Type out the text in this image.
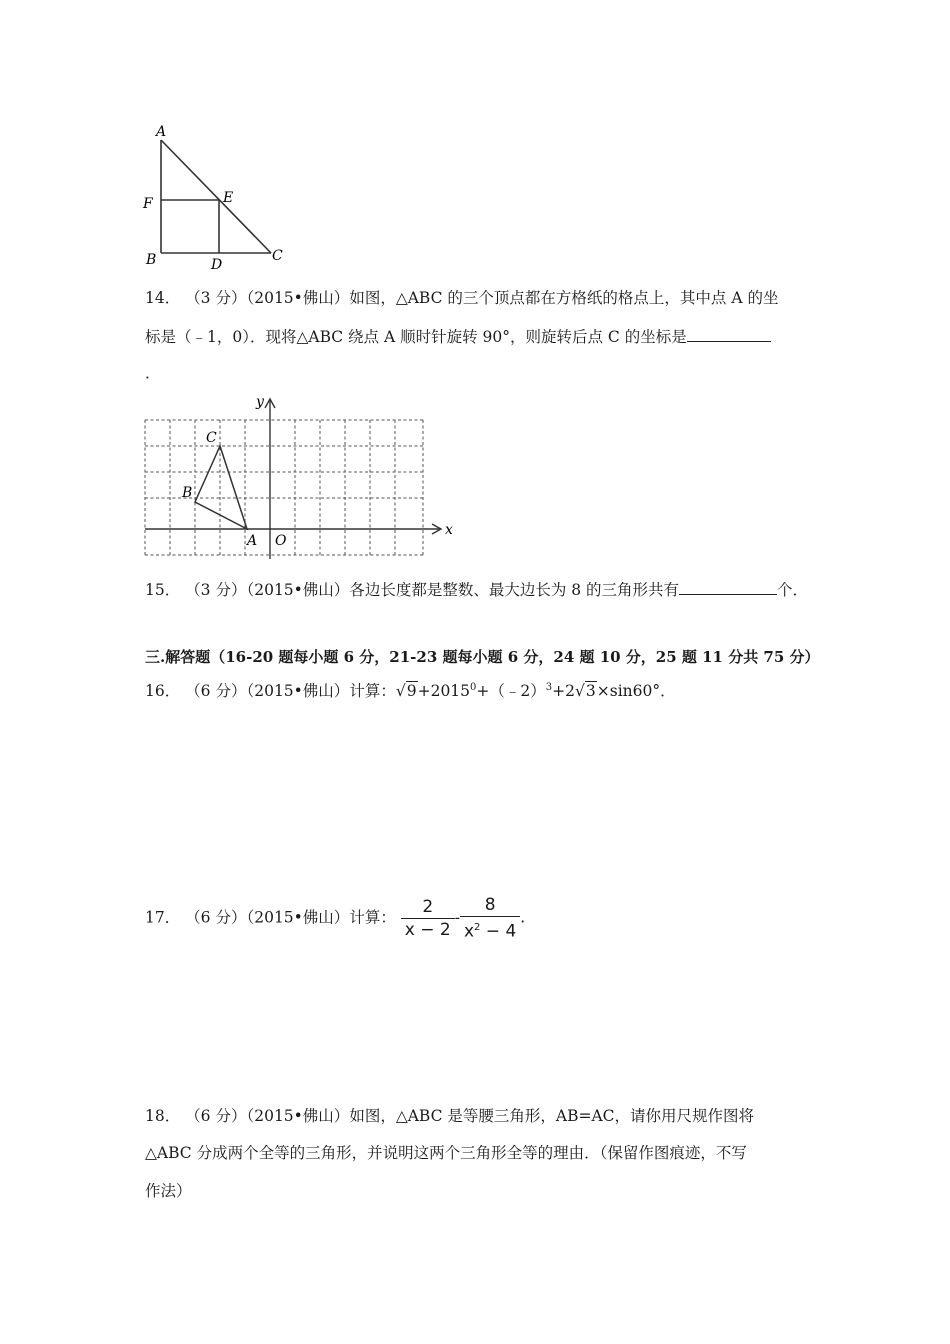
A
F	E
B	D
C
14． （3 分）（2015•佛山）如图，△ABC 的三个顶点都在方格纸的格点上，其中点 A 的坐
标是（﹣1，0）．现将△ABC 绕点 A 顺时针旋转 90°，则旋转后点 C 的坐标是
．
y
x
O
A
B
C
15． （3 分）（2015•佛山）各边长度都是整数、最大边长为 8 的三角形共有	个．
三.解答题（16-20 题每小题 6 分，21-23 题每小题 6 分，24 题 10 分，25 题 11 分共 75 分）
16． （6 分）（2015•佛山）计算：$√9+2015^0+(﹣2)^3+2√3\times\sin 60^\circ$．
17． （6 分）（2015•佛山）计算： $\frac{2}{x - 2} - \frac{8}{x^2 - 4}$ .
18． （6 分）（2015•佛山）如图，△ABC 是等腰三角形，AB=AC，请你用尺规作图将
△ABC 分成两个全等的三角形，并说明这两个三角形全等的理由．（保留作图痕迹，不写
作法）
